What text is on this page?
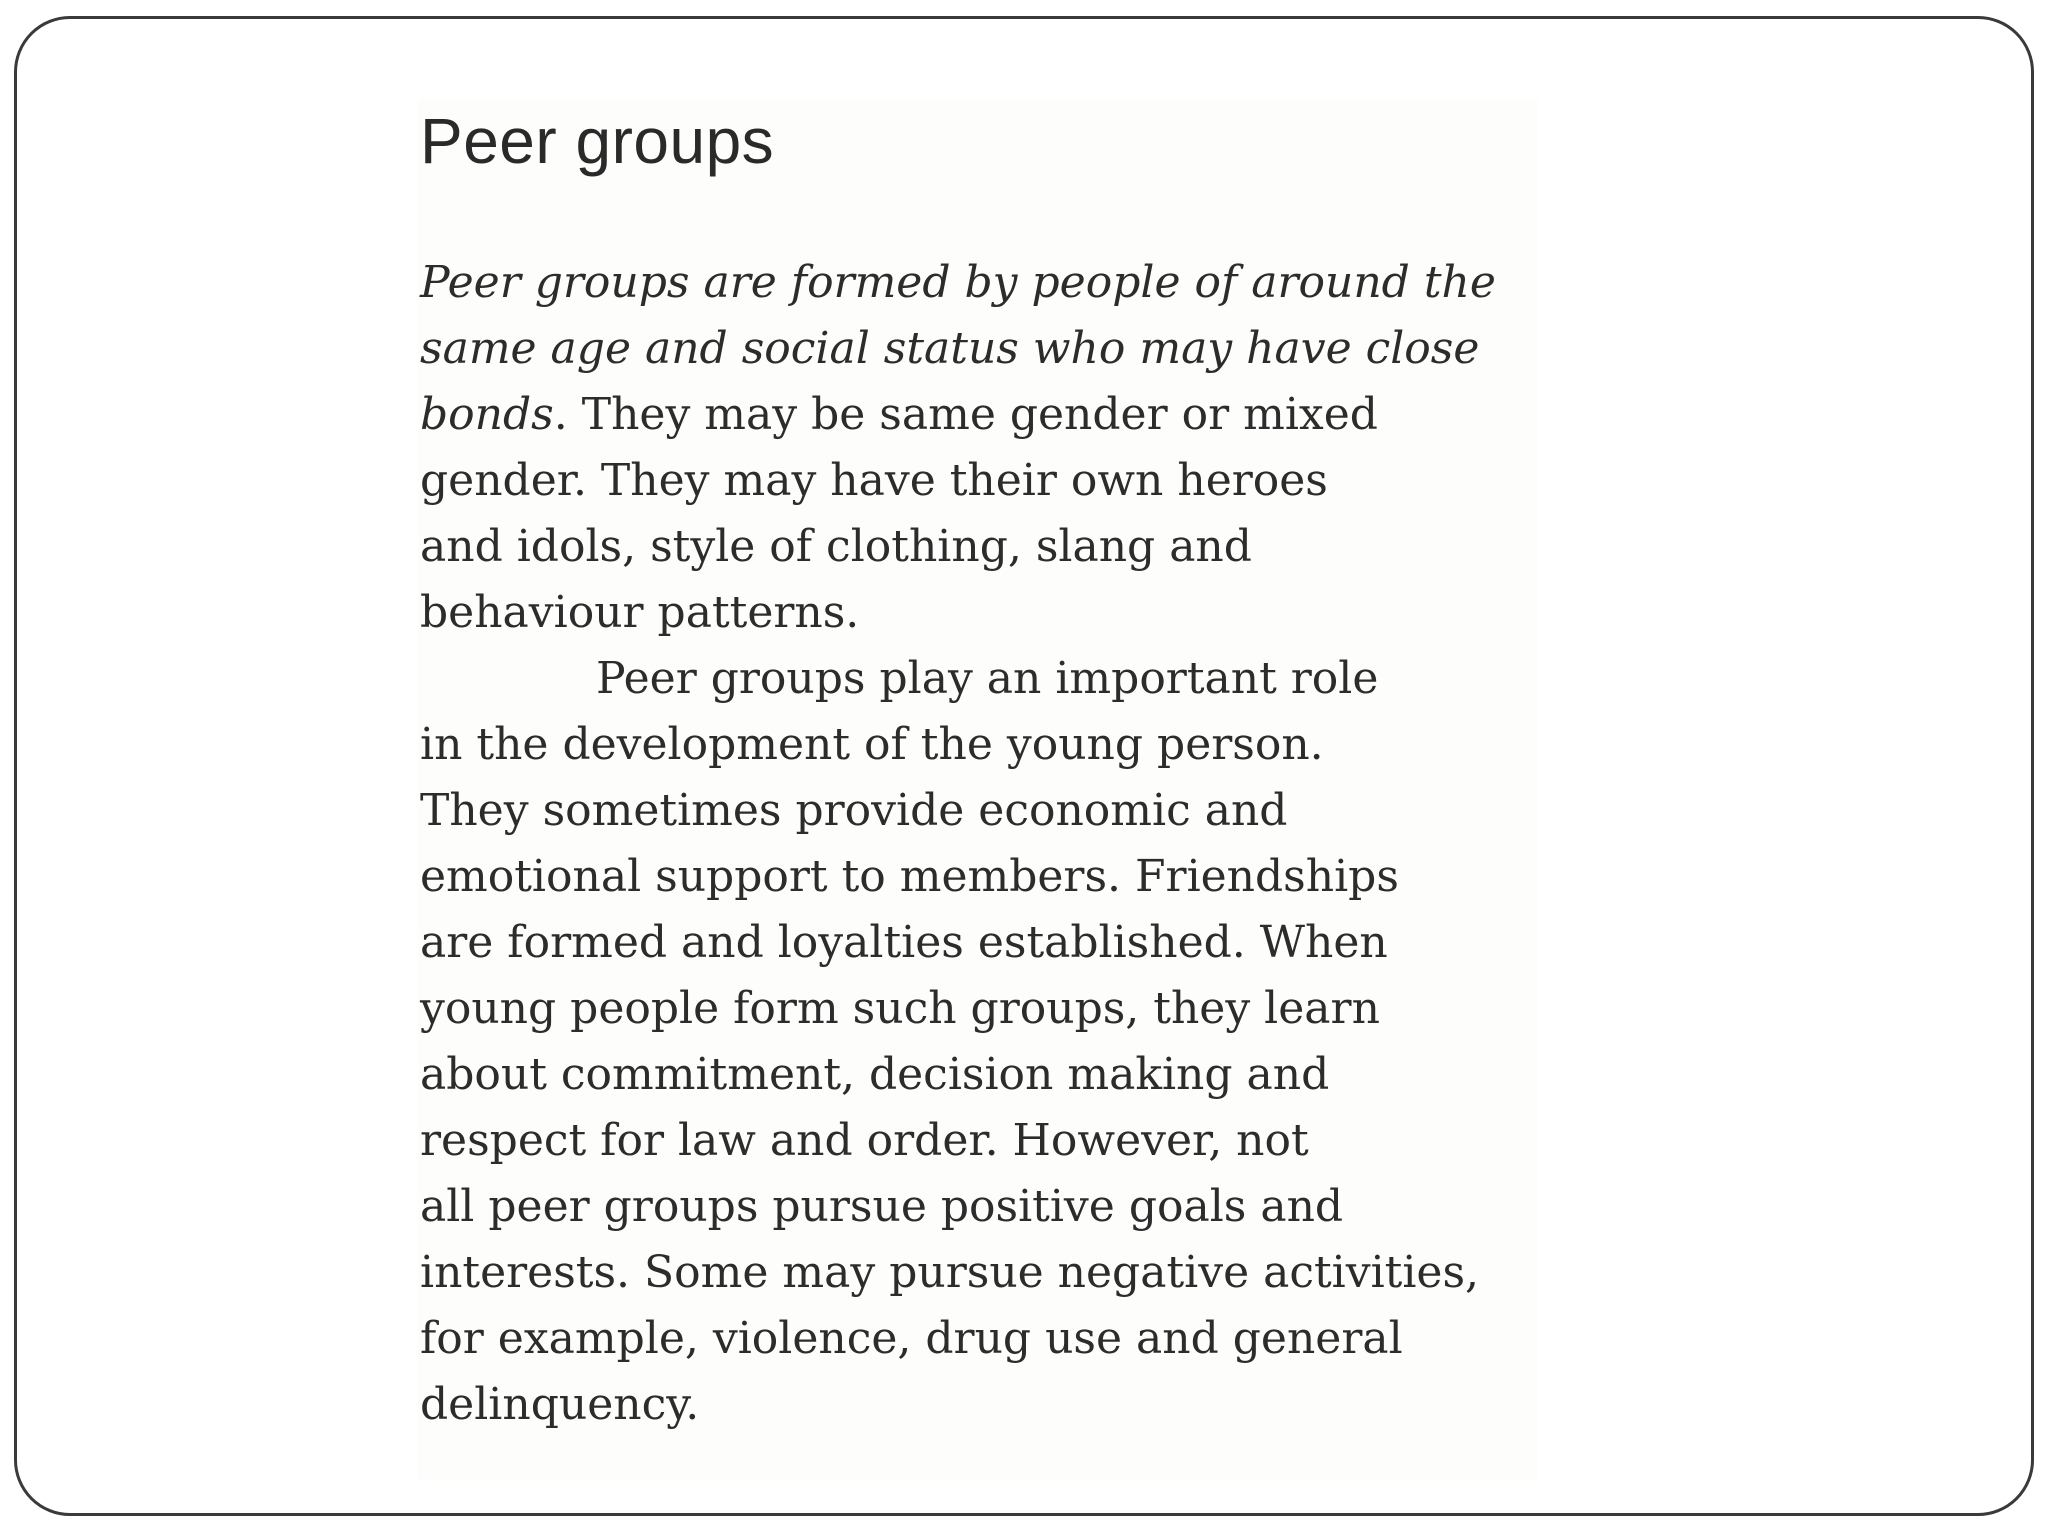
Peer groups
Peer groups are formed by people of around the
same age and social status who may have close
bonds. They may be same gender or mixed
gender. They may have their own heroes
and idols, style of clothing, slang and
behaviour patterns.
Peer groups play an important role
in the development of the young person.
They sometimes provide economic and
emotional support to members. Friendships
are formed and loyalties established. When
young people form such groups, they learn
about commitment, decision making and
respect for law and order. However, not
all peer groups pursue positive goals and
interests. Some may pursue negative activities,
for example, violence, drug use and general
delinquency.
